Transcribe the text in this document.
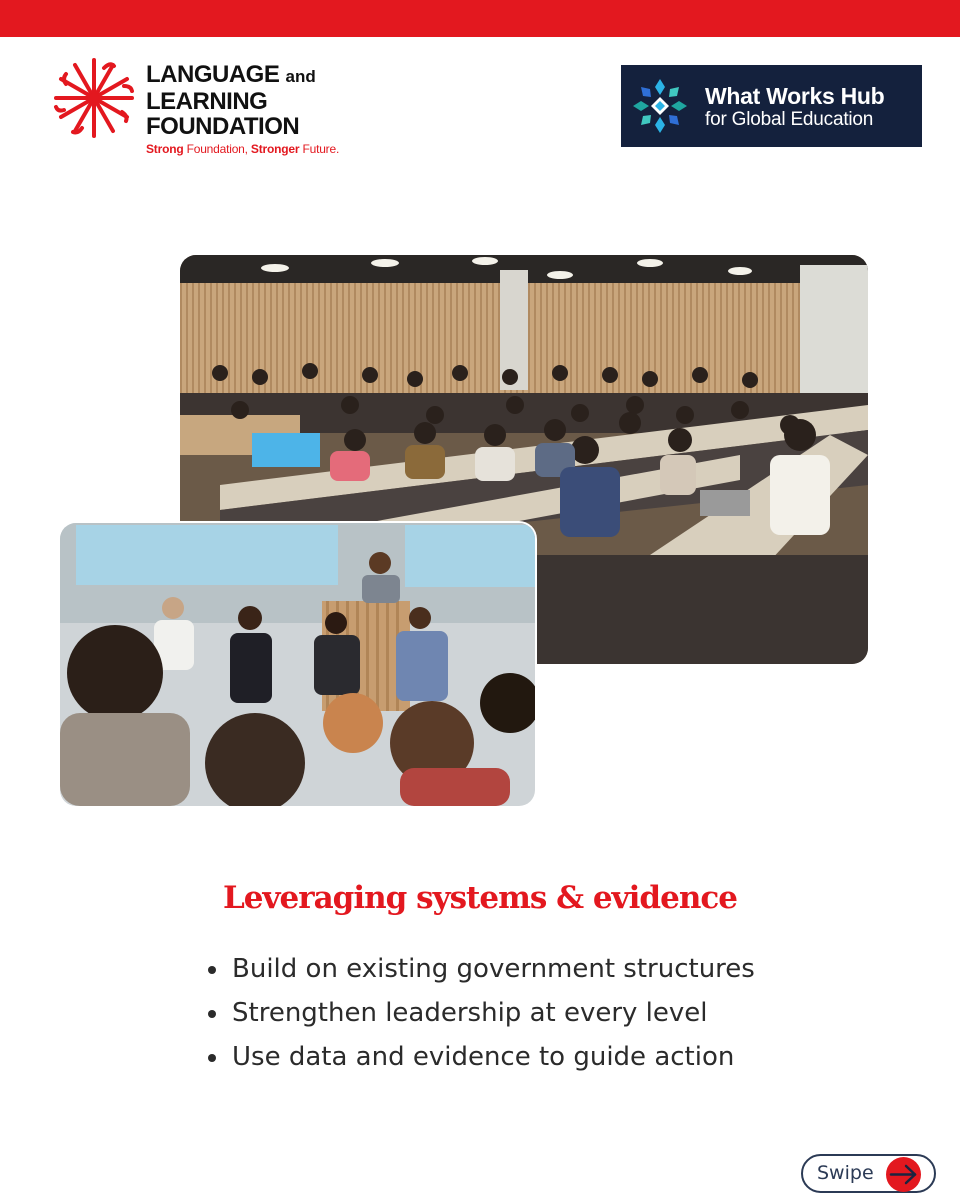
LANGUAGE and
LEARNING
FOUNDATION
Strong Foundation, Stronger Future.
What Works Hub
for Global Education
Leveraging systems & evidence
Build on existing government structures
Strengthen leadership at every level
Use data and evidence to guide action
Swipe
